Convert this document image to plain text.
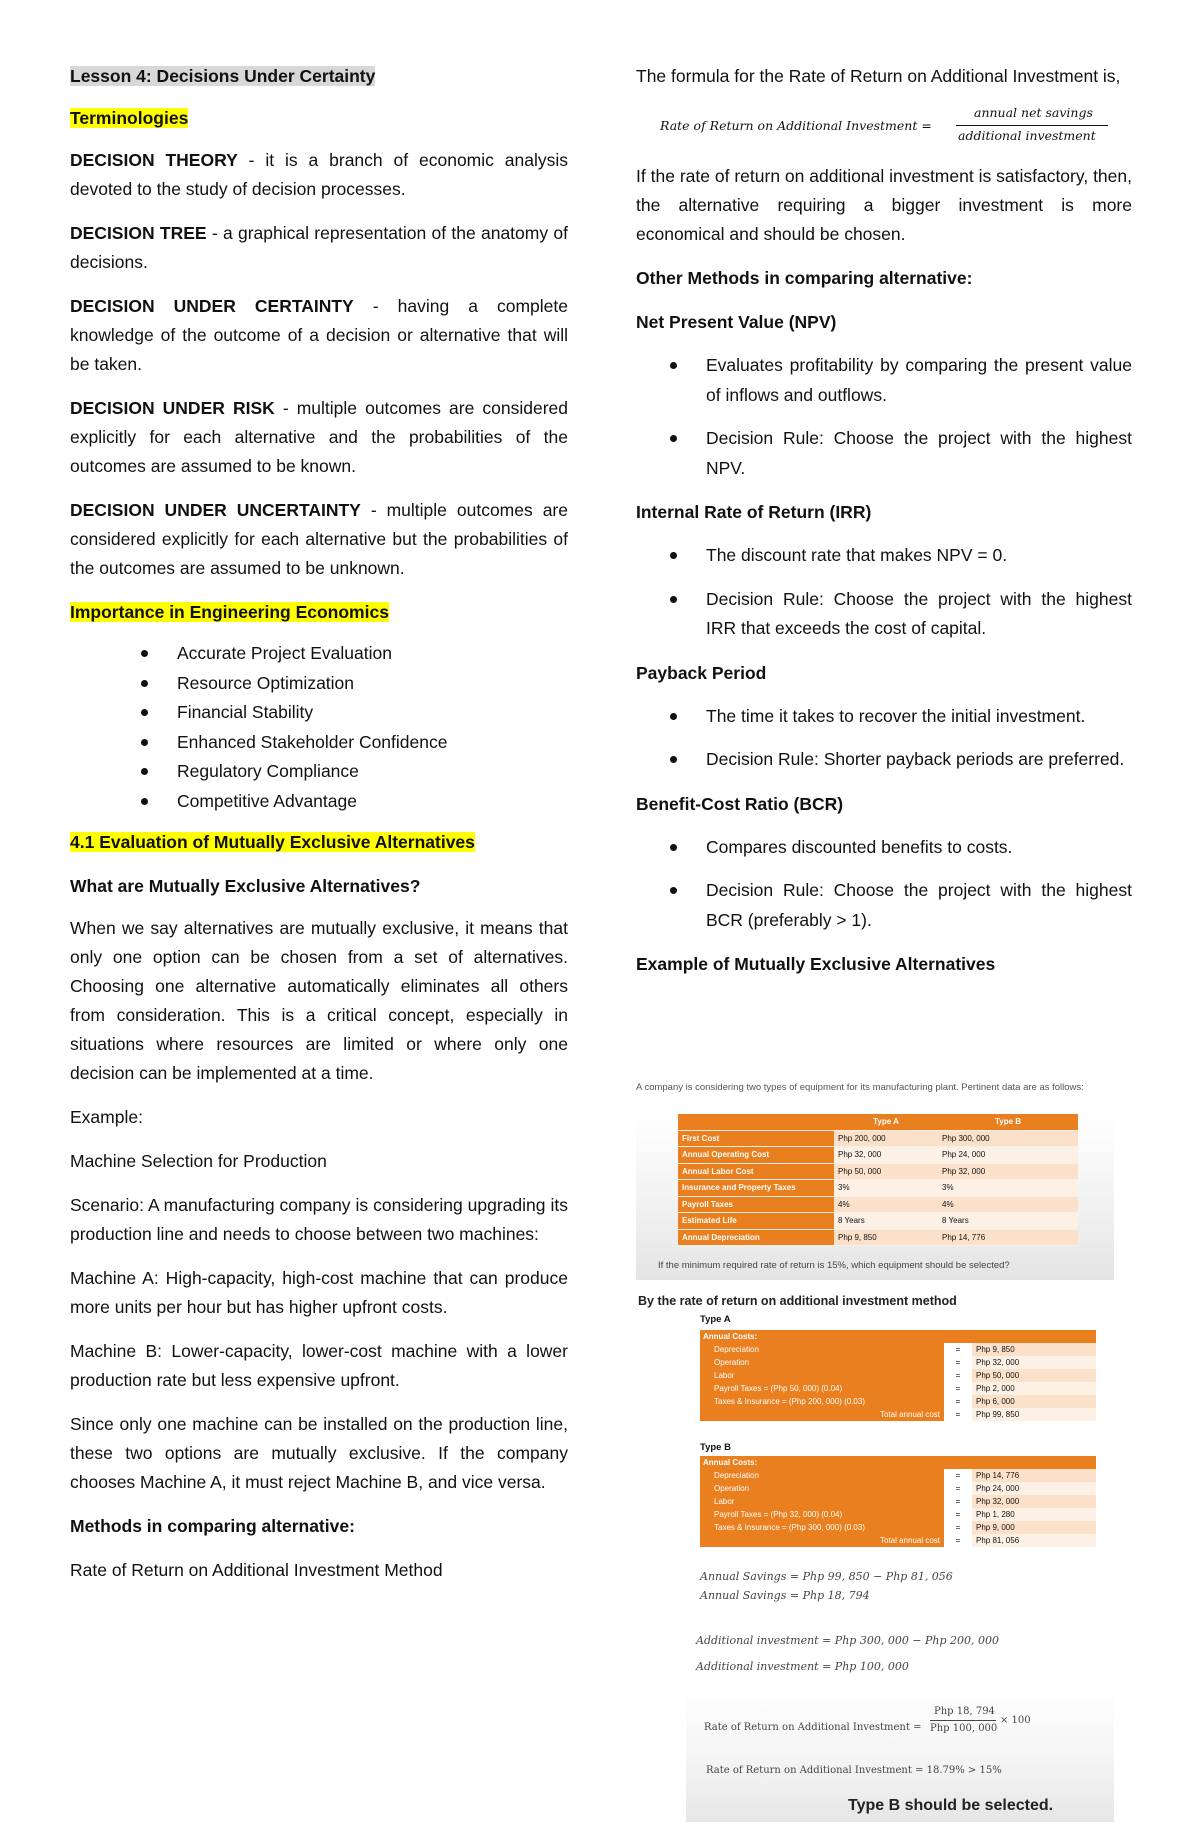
Lesson 4: Decisions Under Certainty

Terminologies

DECISION THEORY - it is a branch of economic analysis devoted to the study of decision processes.

DECISION TREE - a graphical representation of the anatomy of decisions.

DECISION UNDER CERTAINTY - having a complete knowledge of the outcome of a decision or alternative that will be taken.

DECISION UNDER RISK - multiple outcomes are considered explicitly for each alternative and the probabilities of the outcomes are assumed to be known.

DECISION UNDER UNCERTAINTY - multiple outcomes are considered explicitly for each alternative but the probabilities of the outcomes are assumed to be unknown.

Importance in Engineering Economics

Accurate Project Evaluation
Resource Optimization
Financial Stability
Enhanced Stakeholder Confidence
Regulatory Compliance
Competitive Advantage

4.1 Evaluation of Mutually Exclusive Alternatives

What are Mutually Exclusive Alternatives?

When we say alternatives are mutually exclusive, it means that only one option can be chosen from a set of alternatives. Choosing one alternative automatically eliminates all others from consideration. This is a critical concept, especially in situations where resources are limited or where only one decision can be implemented at a time.

Example:

Machine Selection for Production

Scenario: A manufacturing company is considering upgrading its production line and needs to choose between two machines:

Machine A: High-capacity, high-cost machine that can produce more units per hour but has higher upfront costs.

Machine B: Lower-capacity, lower-cost machine with a lower production rate but less expensive upfront.

Since only one machine can be installed on the production line, these two options are mutually exclusive. If the company chooses Machine A, it must reject Machine B, and vice versa.

Methods in comparing alternative:

Rate of Return on Additional Investment Method

The formula for the Rate of Return on Additional Investment is,

Rate of Return on Additional Investment =
annual net savings
additional investment

If the rate of return on additional investment is satisfactory, then, the alternative requiring a bigger investment is more economical and should be chosen.

Other Methods in comparing alternative:

Net Present Value (NPV)

Evaluates profitability by comparing the present value of inflows and outflows.
Decision Rule: Choose the project with the highest NPV.

Internal Rate of Return (IRR)

The discount rate that makes NPV = 0.
Decision Rule: Choose the project with the highest IRR that exceeds the cost of capital.

Payback Period

The time it takes to recover the initial investment.
Decision Rule: Shorter payback periods are preferred.

Benefit-Cost Ratio (BCR)

Compares discounted benefits to costs.
Decision Rule: Choose the project with the highest BCR (preferably > 1).

Example of Mutually Exclusive Alternatives

A company is considering two types of equipment for its manufacturing plant. Pertinent data are as follows:
	Type A	Type B
First Cost	Php 200, 000	Php 300, 000
Annual Operating Cost	Php 32, 000	Php 24, 000
Annual Labor Cost	Php 50, 000	Php 32, 000
Insurance and Property Taxes	3%	3%
Payroll Taxes	4%	4%
Estimated Life	8 Years	8 Years
Annual Depreciation	Php 9, 850	Php 14, 776
If the minimum required rate of return is 15%, which equipment should be selected?
By the rate of return on additional investment method
Type A
Annual Costs:
Depreciation	=	Php 9, 850
Operation	=	Php 32, 000
Labor	=	Php 50, 000
Payroll Taxes = (Php 50, 000) (0.04)	=	Php 2, 000
Taxes & Insurance = (Php 200, 000) (0.03)	=	Php 6, 000
Total annual cost	=	Php 99, 850
Type B
Annual Costs:
Depreciation	=	Php 14, 776
Operation	=	Php 24, 000
Labor	=	Php 32, 000
Payroll Taxes = (Php 32, 000) (0.04)	=	Php 1, 280
Taxes & Insurance = (Php 300, 000) (0.03)	=	Php 9, 000
Total annual cost	=	Php 81, 056
Annual Savings = Php 99, 850 − Php 81, 056
Annual Savings = Php 18, 794
Additional investment = Php 300, 000 − Php 200, 000
Additional investment = Php 100, 000
Rate of Return on Additional Investment =
Php 18, 794
Php 100, 000
× 100
Rate of Return on Additional Investment = 18.79% > 15%
Type B should be selected.
